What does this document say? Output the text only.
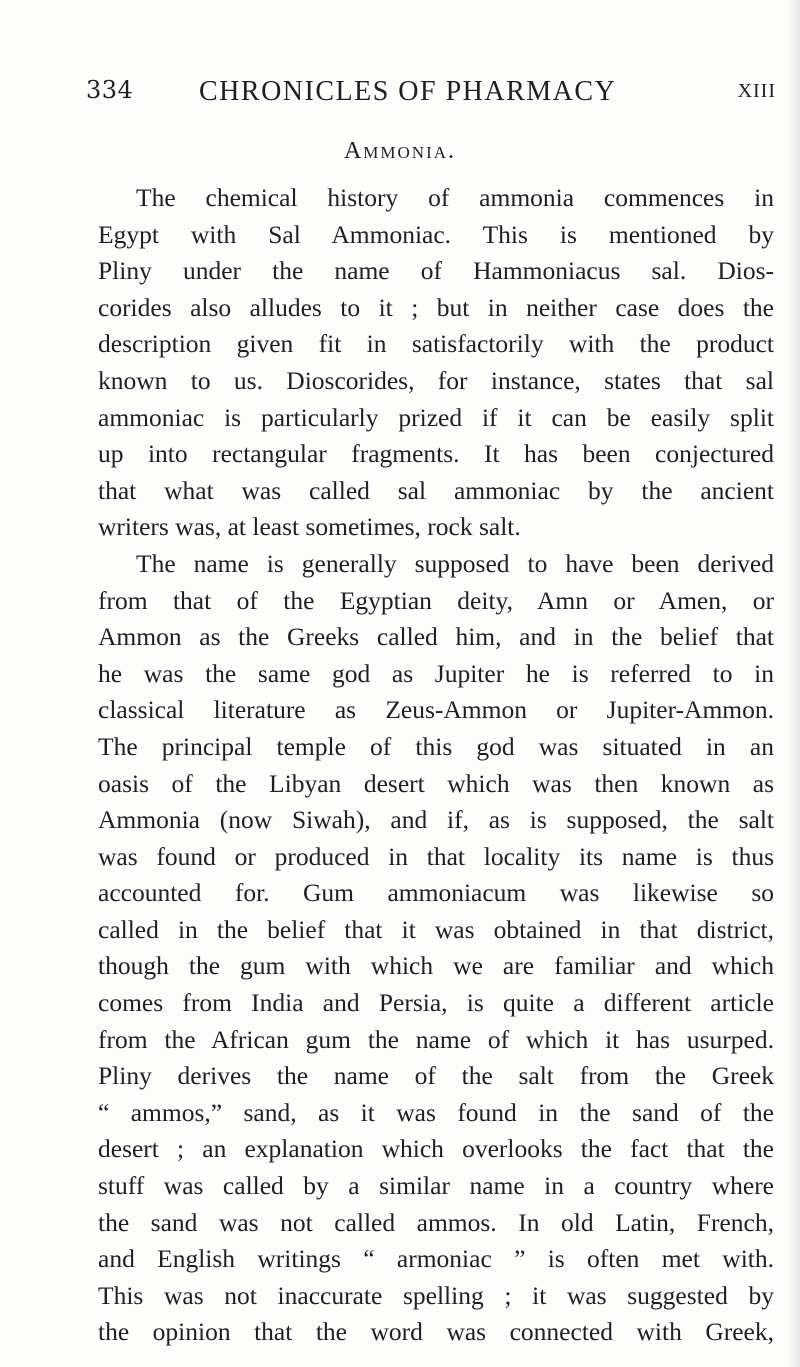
334 CHRONICLES OF PHARMACY	XIII
Ammonia.
The chemical history of ammonia commences in
Egypt with Sal Ammoniac. This is mentioned by
Pliny under the name of Hammoniacus sal. Dios-
corides also alludes to it ; but in neither case does the
description given fit in satisfactorily with the product
known to us. Dioscorides, for instance, states that sal
ammoniac is particularly prized if it can be easily split
up into rectangular fragments. It has been conjectured
that what was called sal ammoniac by the ancient
writers was, at least sometimes, rock salt.
The name is generally supposed to have been derived
from that of the Egyptian deity, Amn or Amen, or
Ammon as the Greeks called him, and in the belief that
he was the same god as Jupiter he is referred to in
classical literature as Zeus-Ammon or Jupiter-Ammon.
The principal temple of this god was situated in an
oasis of the Libyan desert which was then known as
Ammonia (now Siwah), and if, as is supposed, the salt
was found or produced in that locality its name is thus
accounted for. Gum ammoniacum was likewise so
called in the belief that it was obtained in that district,
though the gum with which we are familiar and which
comes from India and Persia, is quite a different article
from the African gum the name of which it has usurped.
Pliny derives the name of the salt from the Greek
“ ammos,” sand, as it was found in the sand of the
desert ; an explanation which overlooks the fact that the
stuff was called by a similar name in a country where
the sand was not called ammos. In old Latin, French,
and English writings “ armoniac ” is often met with.
This was not inaccurate spelling ; it was suggested by
the opinion that the word was connected with Greek,
